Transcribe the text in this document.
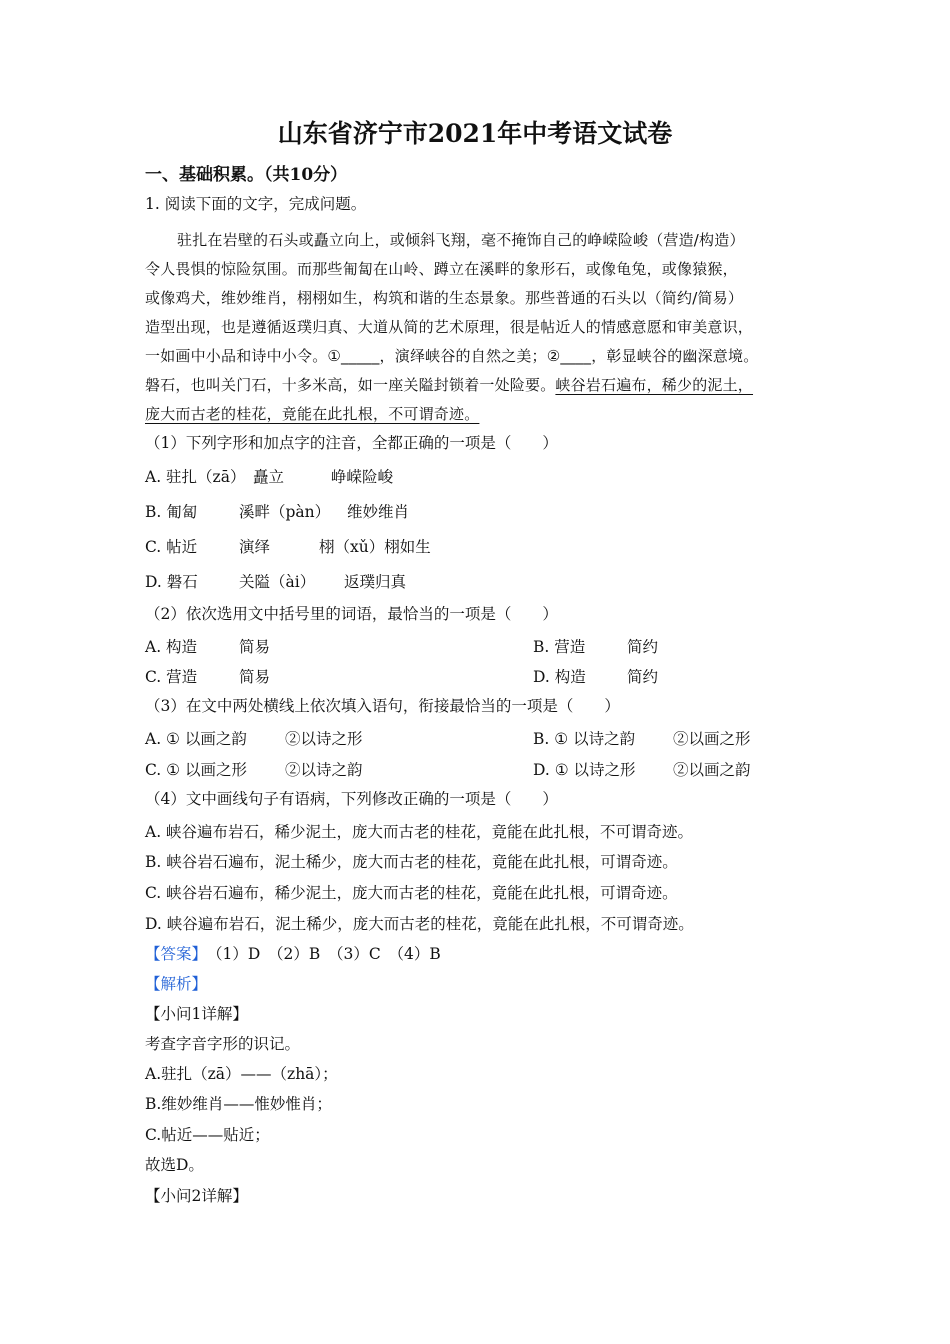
山东省济宁市2021年中考语文试卷
一、基础积累。（共10分）
1. 阅读下面的文字，完成问题。

驻扎在岩壁的石头或矗立向上，或倾斜飞翔，毫不掩饰自己的峥嵘险峻（营造/构造）

令人畏惧的惊险氛围。而那些匍匐在山岭、蹲立在溪畔的象形石，或像龟兔，或像猿猴，

或像鸡犬，维妙维肖，栩栩如生，构筑和谐的生态景象。那些普通的石头以（简约/简易）

造型出现，也是遵循返璞归真、大道从简的艺术原理，很是帖近人的情感意愿和审美意识，

一如画中小品和诗中小令。①_____，演绎峡谷的自然之美；②____，彰显峡谷的幽深意境。

磐石，也叫关门石，十多米高，如一座关隘封锁着一处险要。峡谷岩石遍布，稀少的泥土，

庞大而古老的桂花，竟能在此扎根，不可谓奇迹。

（1）下列字形和加点字的注音，全都正确的一项是（　　）
A. 驻扎（zā） 矗立	峥嵘险峻
B. 匍匐	溪畔（pàn） 维妙维肖
C. 帖近	演绎	栩（xǔ）栩如生
D. 磐石	关隘（ài） 返璞归真
（2）依次选用文中括号里的词语，最恰当的一项是（　　）
A. 构造	简易	B. 营造	简约
C. 营造	简易	D. 构造	简约
（3）在文中两处横线上依次填入语句，衔接最恰当的一项是（　　）
A. ① 以画之韵 ②以诗之形	B. ① 以诗之韵 ②以画之形
C. ① 以画之形 ②以诗之韵	D. ① 以诗之形 ②以画之韵
（4）文中画线句子有语病，下列修改正确的一项是（　　）
A. 峡谷遍布岩石，稀少泥土，庞大而古老的桂花，竟能在此扎根，不可谓奇迹。
B. 峡谷岩石遍布，泥土稀少，庞大而古老的桂花，竟能在此扎根，可谓奇迹。
C. 峡谷岩石遍布，稀少泥土，庞大而古老的桂花，竟能在此扎根，可谓奇迹。
D. 峡谷遍布岩石，泥土稀少，庞大而古老的桂花，竟能在此扎根，不可谓奇迹。
【答案】（1）D　（2）B　（3）C　（4）B
【解析】
【小问1详解】
考查字音字形的识记。
A.驻扎（zā）——（zhā）；
B.维妙维肖——惟妙惟肖；
C.帖近——贴近；
故选D。
【小问2详解】
